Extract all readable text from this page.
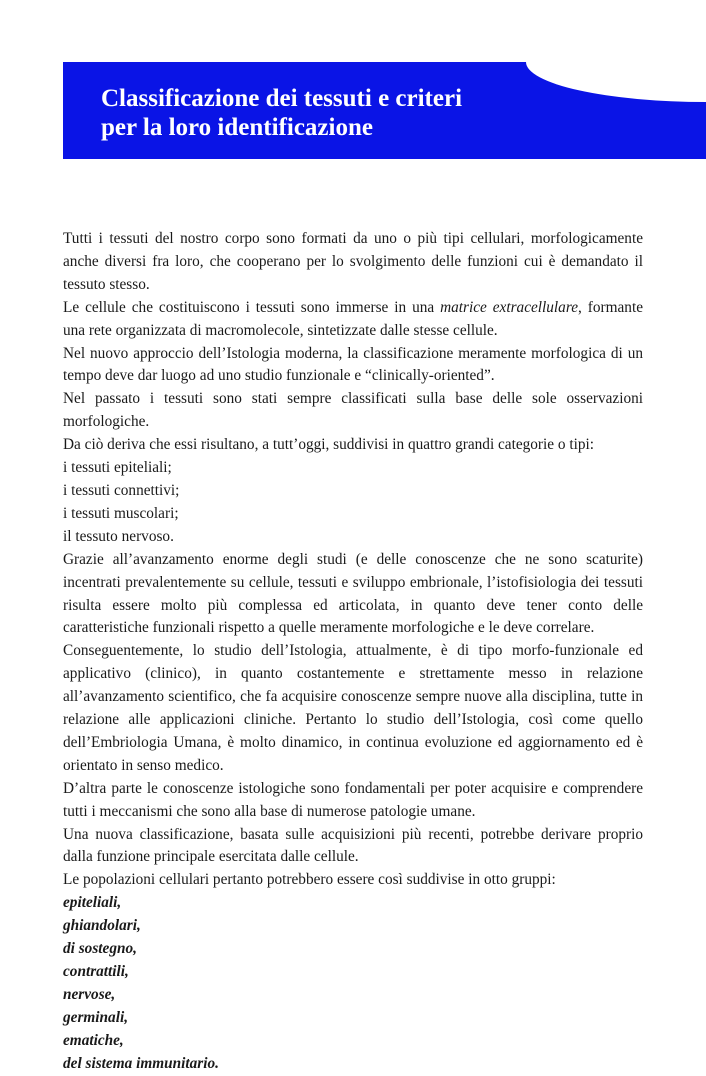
Classificazione dei tessuti e criteri
per la loro identificazione

Tutti i tessuti del nostro corpo sono formati da uno o più tipi cellulari, morfologicamente anche diversi fra loro, che cooperano per lo svolgimento delle funzioni cui è demandato il tessuto stesso.

Le cellule che costituiscono i tessuti sono immerse in una matrice extracellulare, formante una rete organizzata di macromolecole, sintetizzate dalle stesse cellule.

Nel nuovo approccio dell’Istologia moderna, la classificazione meramente morfologica di un tempo deve dar luogo ad uno studio funzionale e “clinically-oriented”.

Nel passato i tessuti sono stati sempre classificati sulla base delle sole osservazioni morfologiche.

Da ciò deriva che essi risultano, a tutt’oggi, suddivisi in quattro grandi categorie o tipi:

i tessuti epiteliali;
i tessuti connettivi;
i tessuti muscolari;
il tessuto nervoso.

Grazie all’avanzamento enorme degli studi (e delle conoscenze che ne sono scaturite) incentrati prevalentemente su cellule, tessuti e sviluppo embrionale, l’istofisiologia dei tessuti risulta essere molto più complessa ed articolata, in quanto deve tener conto delle caratteristiche funzionali rispetto a quelle meramente morfologiche e le deve correlare.

Conseguentemente, lo studio dell’Istologia, attualmente, è di tipo morfo-funzionale ed applicativo (clinico), in quanto costantemente e strettamente messo in relazione all’avanzamento scientifico, che fa acquisire conoscenze sempre nuove alla disciplina, tutte in relazione alle applicazioni cliniche. Pertanto lo studio dell’Istologia, così come quello dell’Embriologia Umana, è molto dinamico, in continua evoluzione ed aggiornamento ed è orientato in senso medico.

D’altra parte le conoscenze istologiche sono fondamentali per poter acquisire e comprendere tutti i meccanismi che sono alla base di numerose patologie umane.

Una nuova classificazione, basata sulle acquisizioni più recenti, potrebbe derivare proprio dalla funzione principale esercitata dalle cellule.

Le popolazioni cellulari pertanto potrebbero essere così suddivise in otto gruppi:

epiteliali,
ghiandolari,
di sostegno,
contrattili,
nervose,
germinali,
ematiche,
del sistema immunitario.
